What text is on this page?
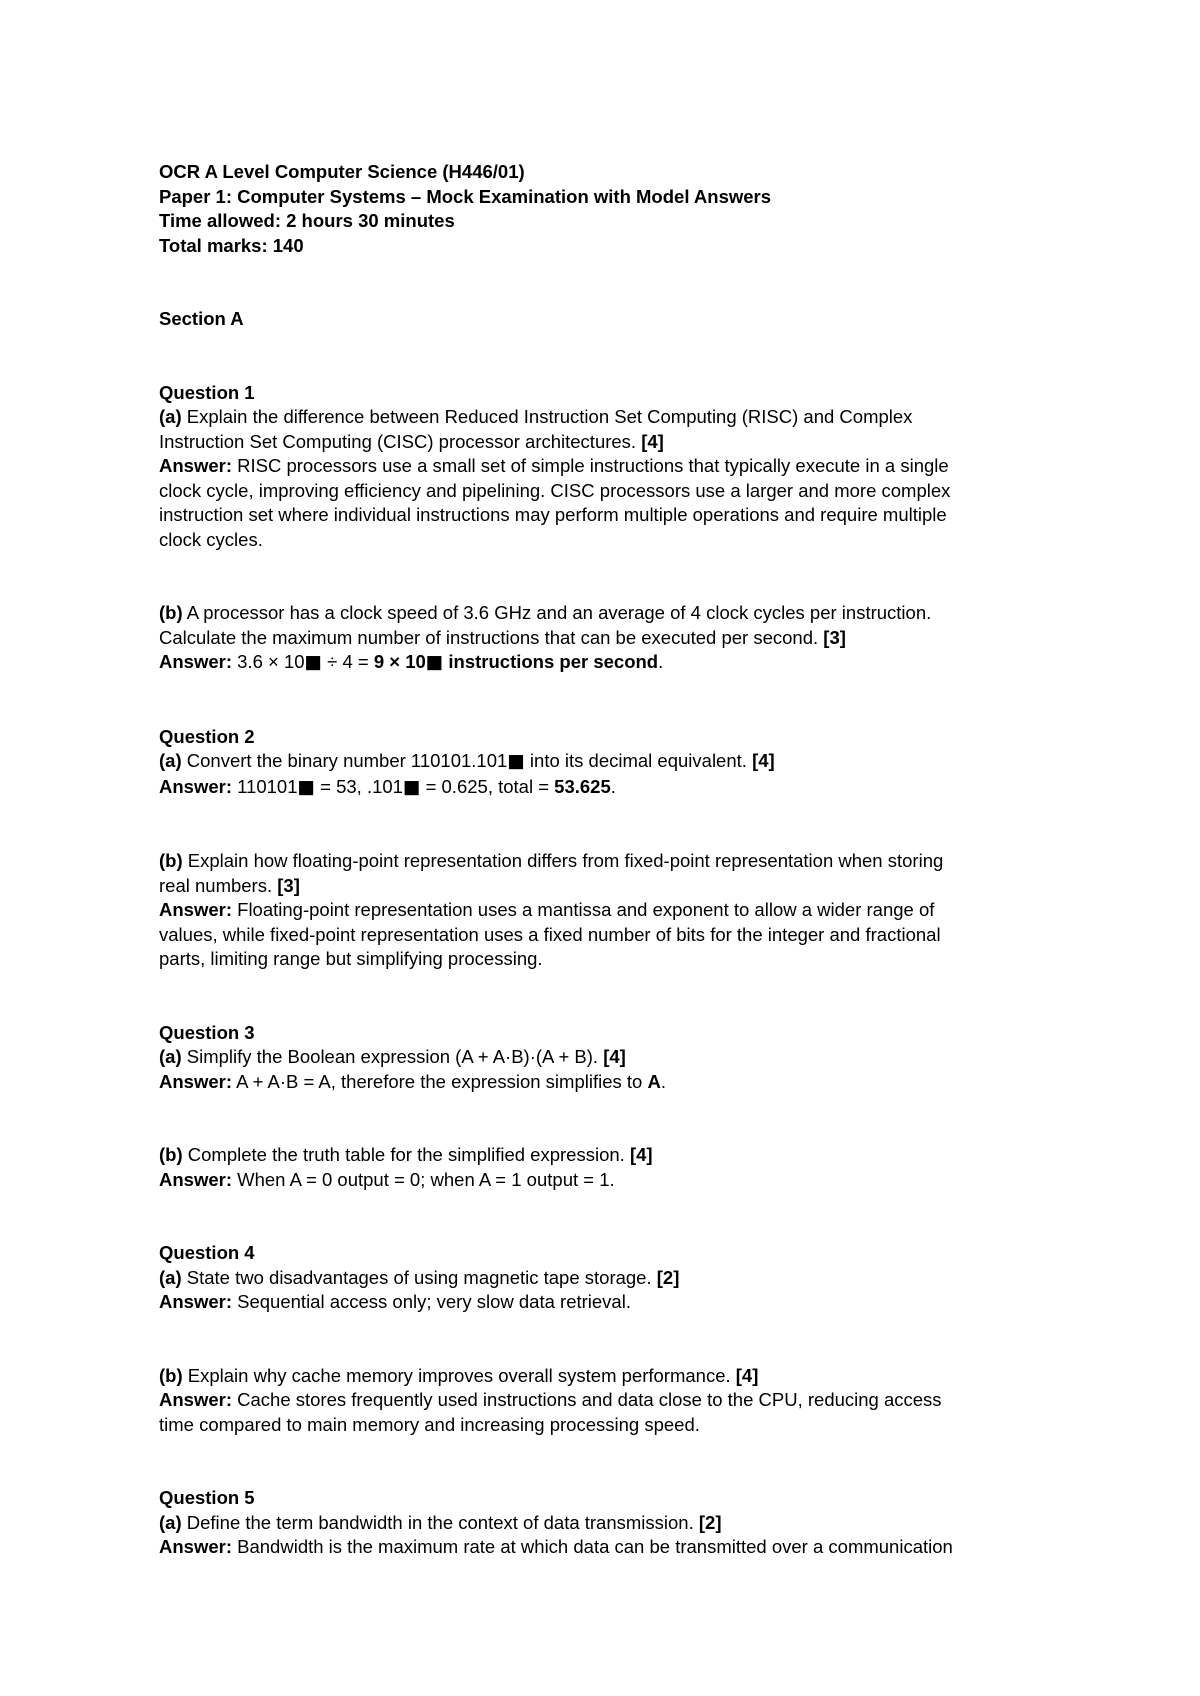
OCR A Level Computer Science (H446/01)
Paper 1: Computer Systems – Mock Examination with Model Answers
Time allowed: 2 hours 30 minutes
Total marks: 140
Section A
Question 1
(a) Explain the difference between Reduced Instruction Set Computing (RISC) and Complex
Instruction Set Computing (CISC) processor architectures. [4]
Answer: RISC processors use a small set of simple instructions that typically execute in a single
clock cycle, improving efficiency and pipelining. CISC processors use a larger and more complex
instruction set where individual instructions may perform multiple operations and require multiple
clock cycles.
(b) A processor has a clock speed of 3.6 GHz and an average of 4 clock cycles per instruction.
Calculate the maximum number of instructions that can be executed per second. [3]
Answer: 3.6 × 10■ ÷ 4 = 9 × 10■ instructions per second.
Question 2
(a) Convert the binary number 110101.101■ into its decimal equivalent. [4]
Answer: 110101■ = 53, .101■ = 0.625, total = 53.625.
(b) Explain how floating-point representation differs from fixed-point representation when storing
real numbers. [3]
Answer: Floating-point representation uses a mantissa and exponent to allow a wider range of
values, while fixed-point representation uses a fixed number of bits for the integer and fractional
parts, limiting range but simplifying processing.
Question 3
(a) Simplify the Boolean expression (A + A·B)·(A + B). [4]
Answer: A + A·B = A, therefore the expression simplifies to A.
(b) Complete the truth table for the simplified expression. [4]
Answer: When A = 0 output = 0; when A = 1 output = 1.
Question 4
(a) State two disadvantages of using magnetic tape storage. [2]
Answer: Sequential access only; very slow data retrieval.
(b) Explain why cache memory improves overall system performance. [4]
Answer: Cache stores frequently used instructions and data close to the CPU, reducing access
time compared to main memory and increasing processing speed.
Question 5
(a) Define the term bandwidth in the context of data transmission. [2]
Answer: Bandwidth is the maximum rate at which data can be transmitted over a communication
